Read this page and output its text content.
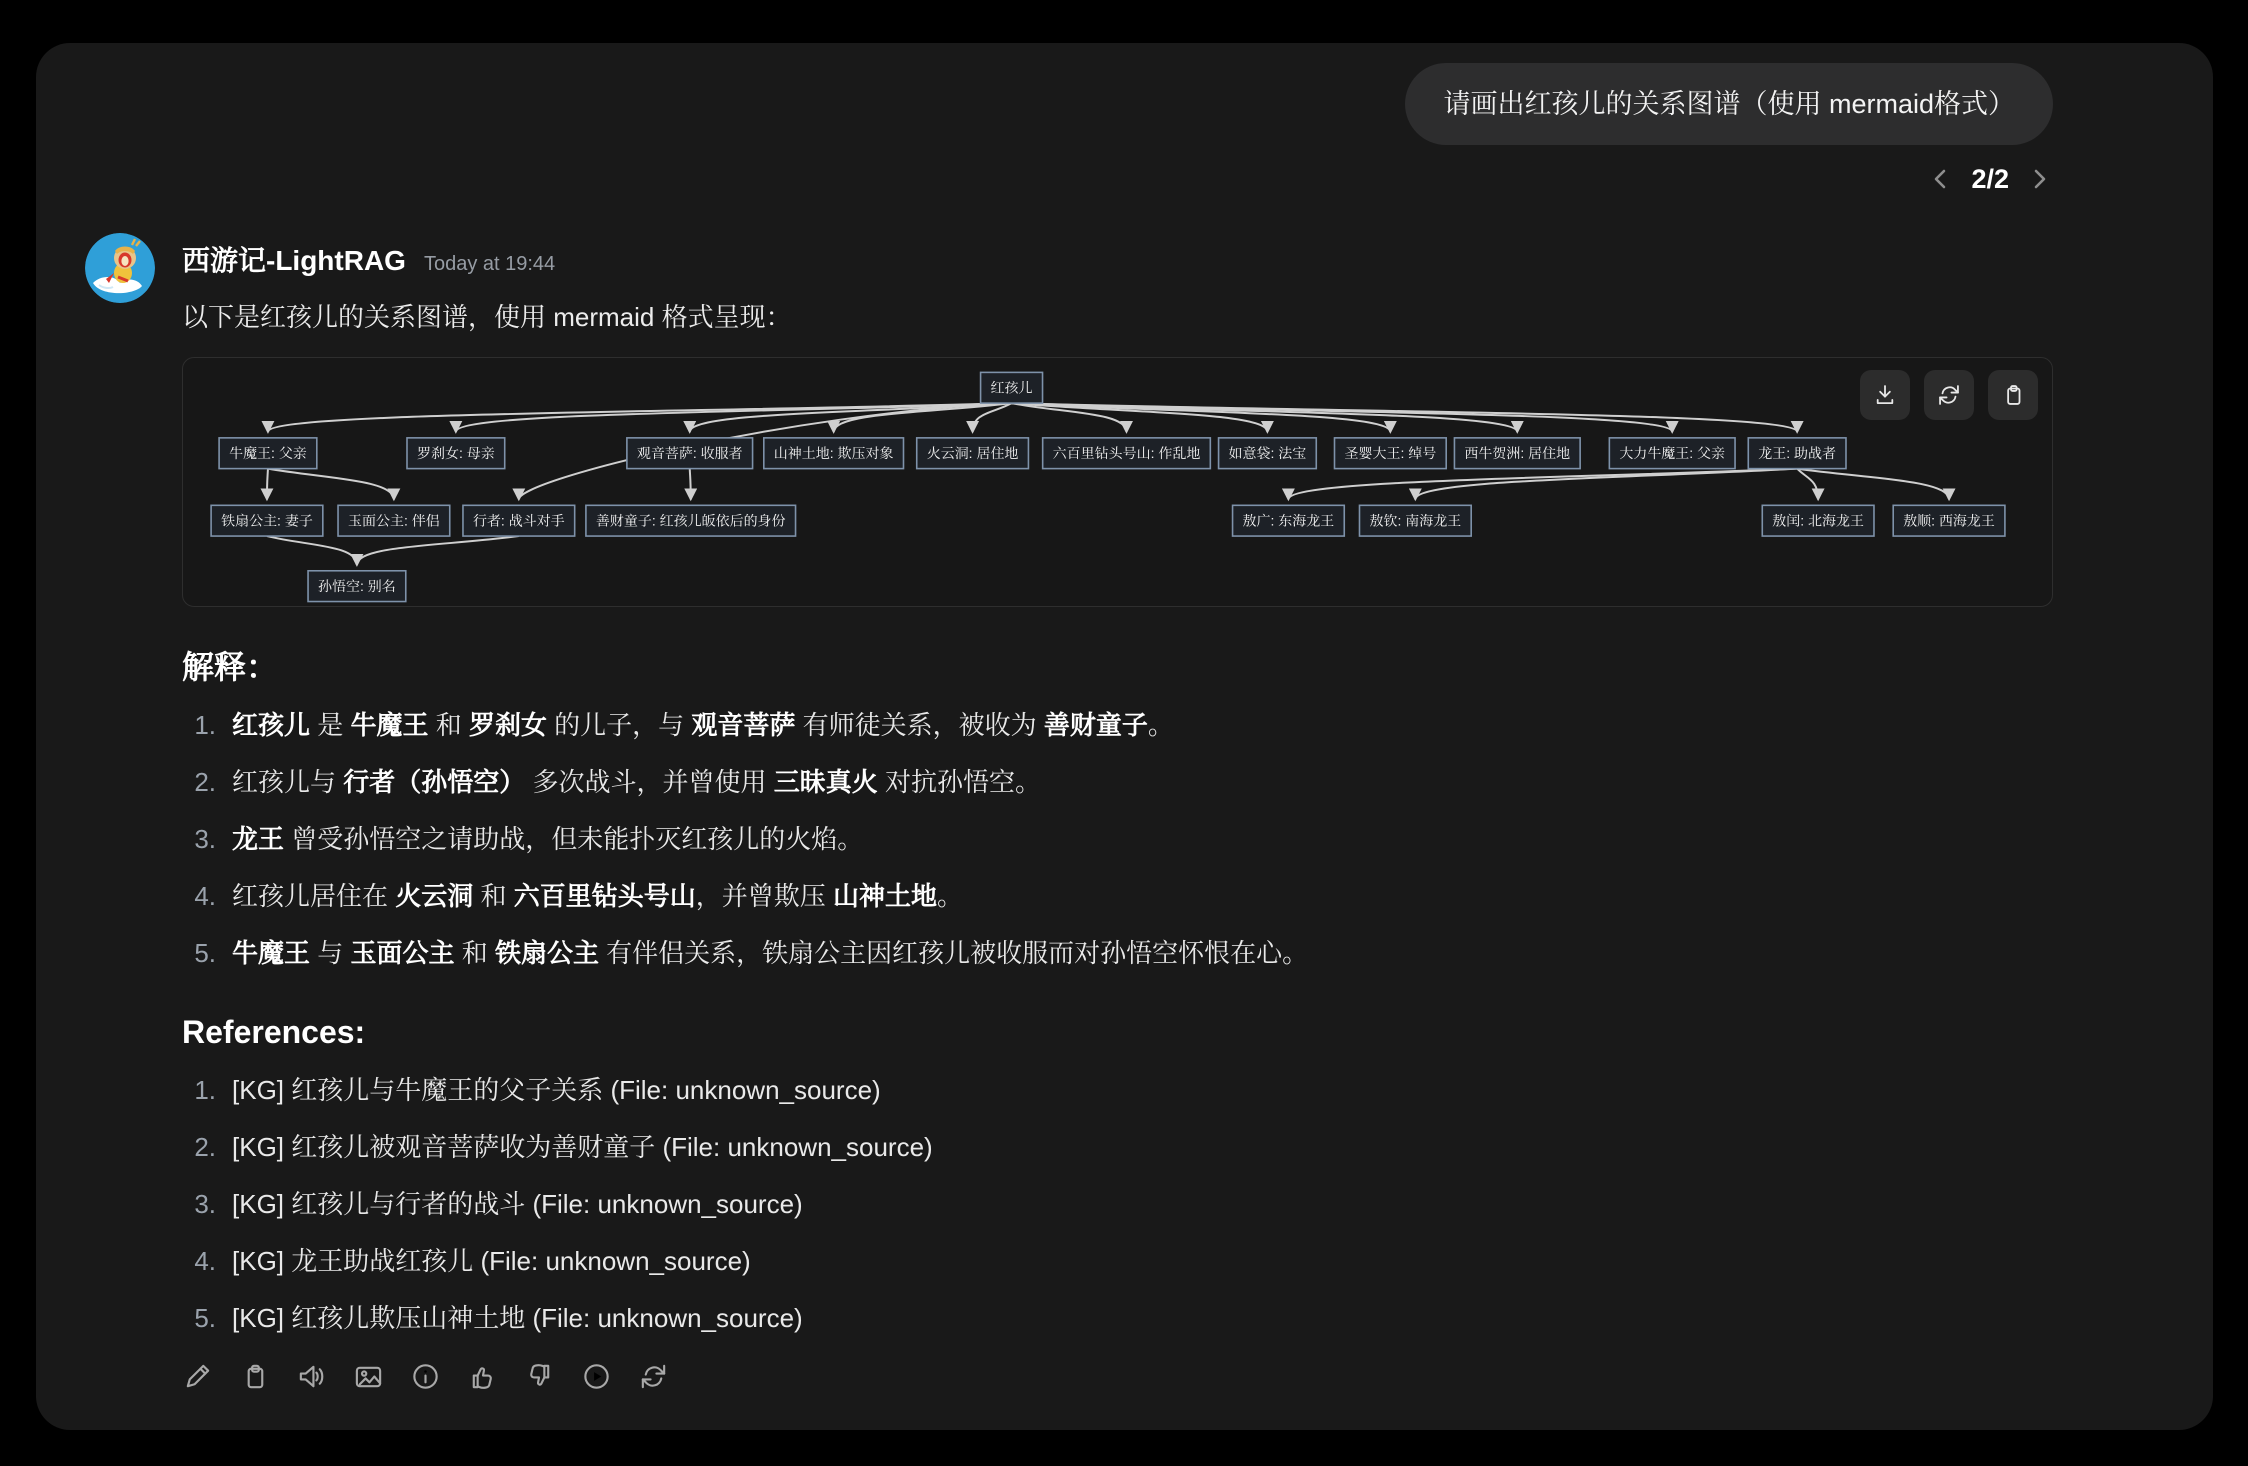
请画出红孩儿的关系图谱（使用 mermaid格式）
2/2
西游记-LightRAG Today at 19:44
以下是红孩儿的关系图谱，使用 mermaid 格式呈现：
红孩儿
牛魔王: 父亲	罗刹女: 母亲	观音菩萨: 收服者 山神土地: 欺压对象 火云洞: 居住地 六百里钻头号山: 作乱地 如意袋: 法宝	圣婴大王: 绰号 西牛贺洲: 居住地	大力牛魔王: 父亲 龙王: 助战者
铁扇公主: 妻子	玉面公主: 伴侣 行者: 战斗对手 善财童子: 红孩儿皈依后的身份	敖广: 东海龙王	敖钦: 南海龙王	敖闰: 北海龙王	敖顺: 西海龙王
孙悟空: 别名
解释：
1. 红孩儿 是 牛魔王 和 罗刹女 的儿子，与 观音菩萨 有师徒关系，被收为 善财童子。
2. 红孩儿与 行者（孙悟空） 多次战斗，并曾使用 三昧真火 对抗孙悟空。
3. 龙王 曾受孙悟空之请助战，但未能扑灭红孩儿的火焰。
4. 红孩儿居住在 火云洞 和 六百里钻头号山，并曾欺压 山神土地。
5. 牛魔王 与 玉面公主 和 铁扇公主 有伴侣关系，铁扇公主因红孩儿被收服而对孙悟空怀恨在心。
References:
1. [KG] 红孩儿与牛魔王的父子关系 (File: unknown_source)
2. [KG] 红孩儿被观音菩萨收为善财童子 (File: unknown_source)
3. [KG] 红孩儿与行者的战斗 (File: unknown_source)
4. [KG] 龙王助战红孩儿 (File: unknown_source)
5. [KG] 红孩儿欺压山神土地 (File: unknown_source)
